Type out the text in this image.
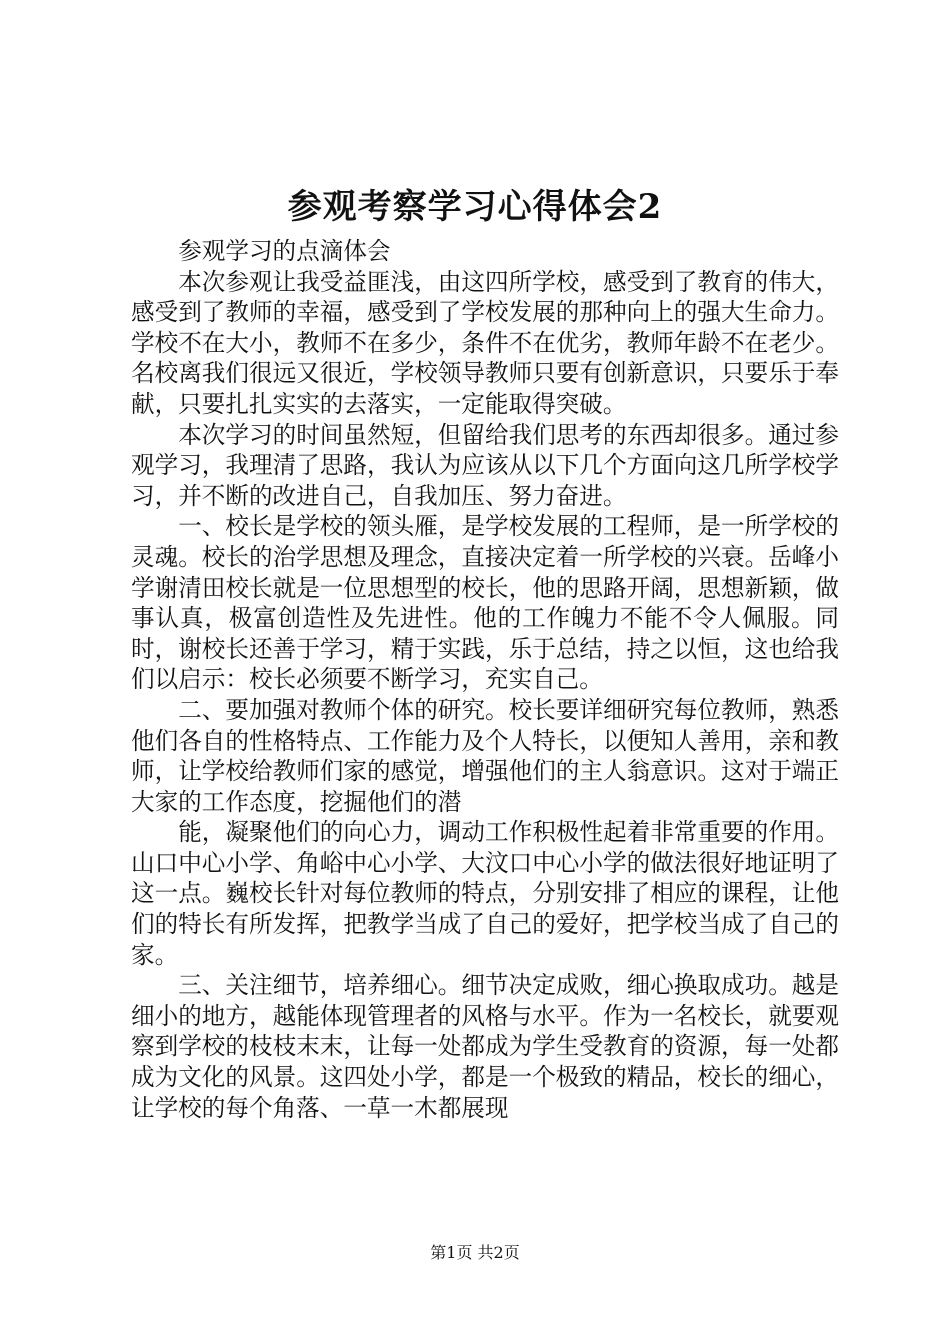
参观考察学习心得体会2

参观学习的点滴体会

本次参观让我受益匪浅，由这四所学校，感受到了教育的伟大，感受到了教师的幸福，感受到了学校发展的那种向上的强大生命力。学校不在大小，教师不在多少，条件不在优劣，教师年龄不在老少。名校离我们很远又很近，学校领导教师只要有创新意识，只要乐于奉献，只要扎扎实实的去落实，一定能取得突破。

本次学习的时间虽然短，但留给我们思考的东西却很多。通过参观学习，我理清了思路，我认为应该从以下几个方面向这几所学校学习，并不断的改进自己，自我加压、努力奋进。

一、校长是学校的领头雁，是学校发展的工程师，是一所学校的灵魂。校长的治学思想及理念，直接决定着一所学校的兴衰。岳峰小学谢清田校长就是一位思想型的校长，他的思路开阔，思想新颖，做事认真，极富创造性及先进性。他的工作魄力不能不令人佩服。同时，谢校长还善于学习，精于实践，乐于总结，持之以恒，这也给我们以启示：校长必须要不断学习，充实自己。

二、要加强对教师个体的研究。校长要详细研究每位教师，熟悉他们各自的性格特点、工作能力及个人特长，以便知人善用，亲和教师，让学校给教师们家的感觉，增强他们的主人翁意识。这对于端正大家的工作态度，挖掘他们的潜

能，凝聚他们的向心力，调动工作积极性起着非常重要的作用。山口中心小学、角峪中心小学、大汶口中心小学的做法很好地证明了这一点。巍校长针对每位教师的特点，分别安排了相应的课程，让他们的特长有所发挥，把教学当成了自己的爱好，把学校当成了自己的家。

三、关注细节，培养细心。细节决定成败，细心换取成功。越是细小的地方，越能体现管理者的风格与水平。作为一名校长，就要观察到学校的枝枝末末，让每一处都成为学生受教育的资源，每一处都成为文化的风景。这四处小学，都是一个极致的精品，校长的细心，让学校的每个角落、一草一木都展现

第1页 共2页
